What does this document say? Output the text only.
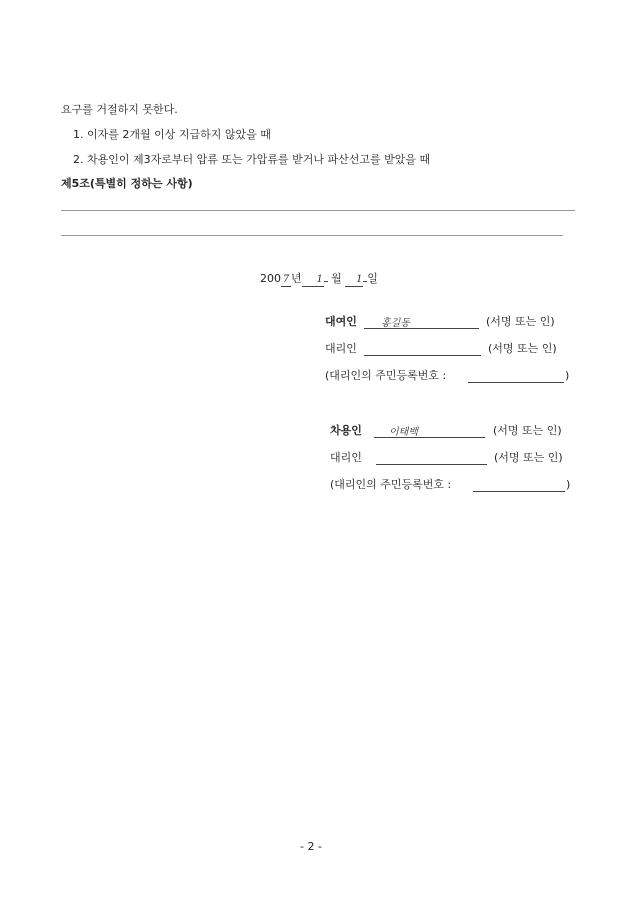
요구를 거절하지 못한다.
1. 이자를 2개월 이상 지급하지 않았을 때
2. 차용인이 제3자로부터 압류 또는 가압류를 받거나 파산선고를 받았을 때
제5조(특별히 정하는 사항)
200 7 년 1 월 1 일
대여인 홍길동	(서명 또는 인)
대리인	(서명 또는 인)
(대리인의 주민등록번호 :	)
차용인	이태백	(서명 또는 인)
대리인	(서명 또는 인)
(대리인의 주민등록번호 :	)
- 2 -
